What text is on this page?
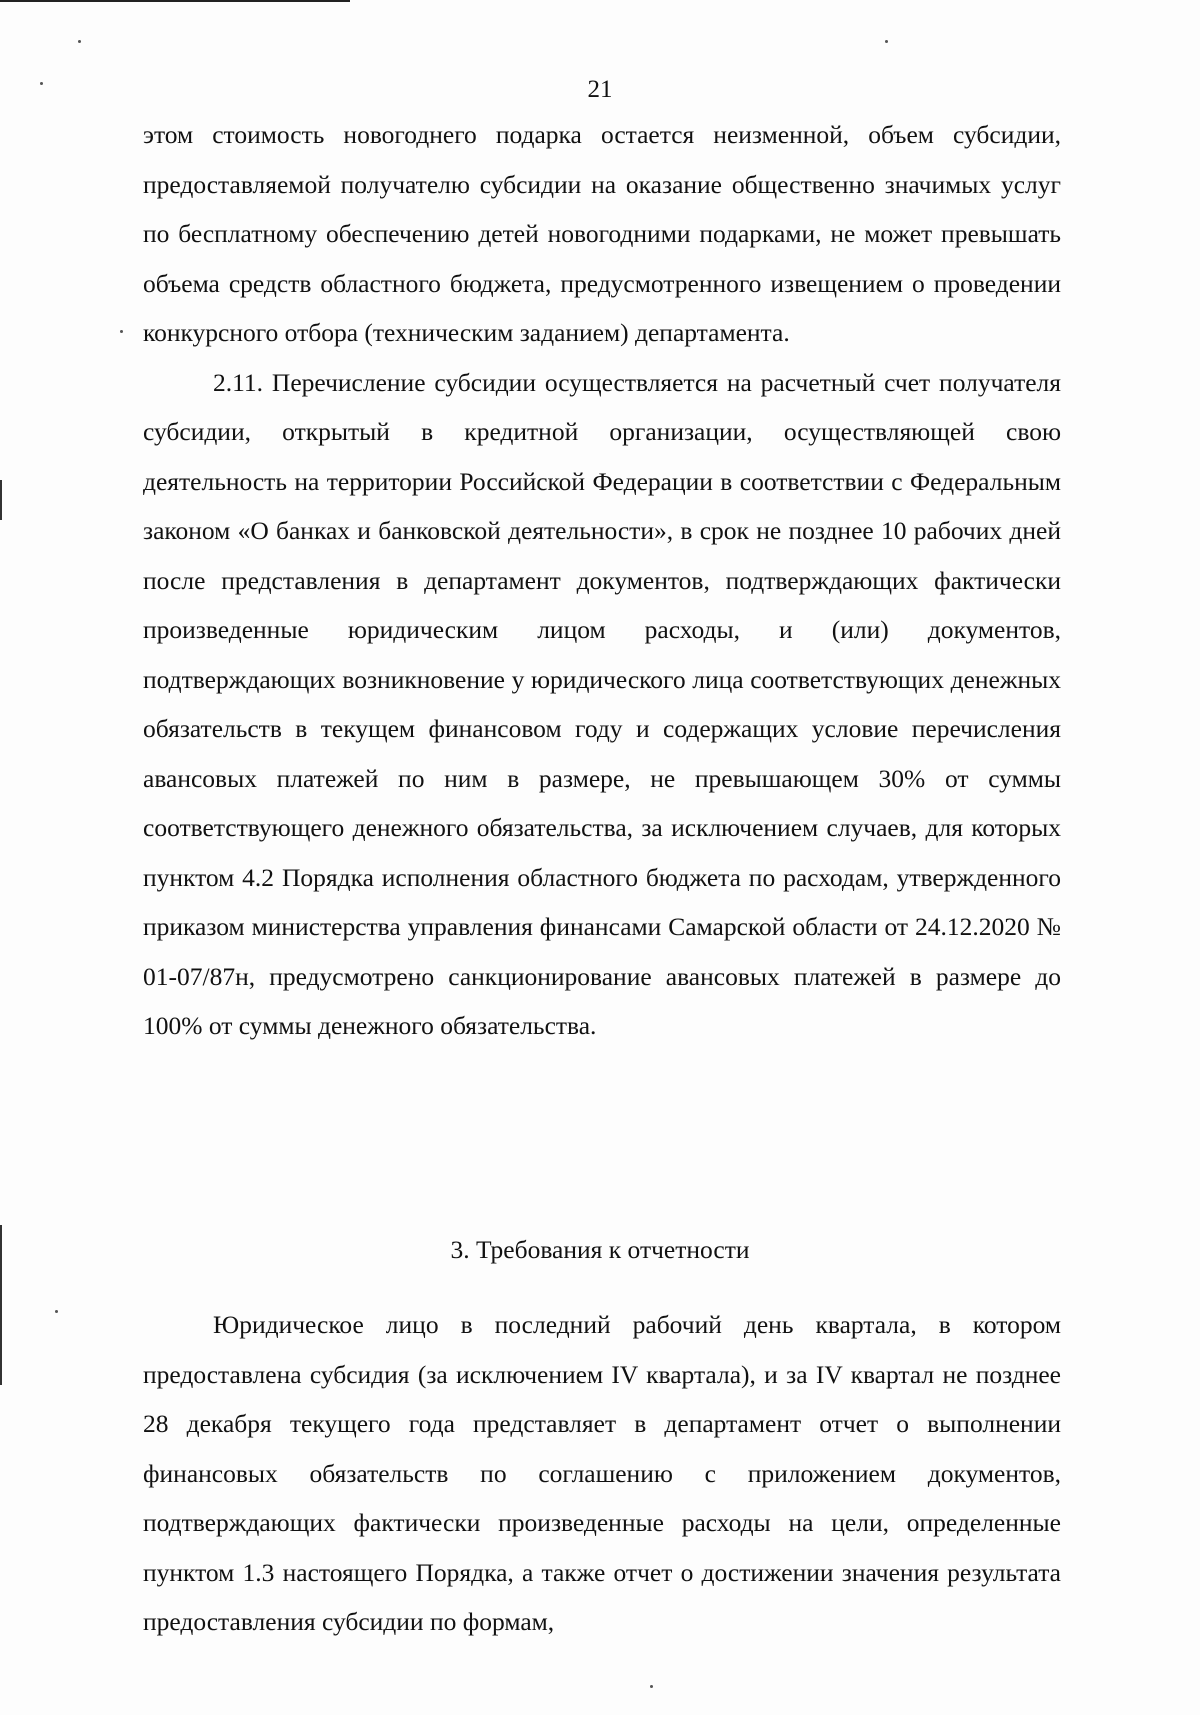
21

этом стоимость новогоднего подарка остается неизменной, объем субсидии, предоставляемой получателю субсидии на оказание общественно значимых услуг по бесплатному обеспечению детей новогодними подарками, не может превышать объема средств областного бюджета, предусмотренного извещением о проведении конкурсного отбора (техническим заданием) департамента.

2.11. Перечисление субсидии осуществляется на расчетный счет получателя субсидии, открытый в кредитной организации, осуществляющей свою деятельность на территории Российской Федерации в соответствии с Федеральным законом «О банках и банковской деятельности», в срок не позднее 10 рабочих дней после представления в департамент документов, подтверждающих фактически произведенные юридическим лицом расходы, и (или) документов, подтверждающих возникновение у юридического лица соответствующих денежных обязательств в текущем финансовом году и содержащих условие перечисления авансовых платежей по ним в размере, не превышающем 30% от суммы соответствующего денежного обязательства, за исключением случаев, для которых пунктом 4.2 Порядка исполнения областного бюджета по расходам, утвержденного приказом министерства управления финансами Самарской области от 24.12.2020 № 01-07/87н, предусмотрено санкционирование авансовых платежей в размере до 100% от суммы денежного обязательства.

3. Требования к отчетности

Юридическое лицо в последний рабочий день квартала, в котором предоставлена субсидия (за исключением IV квартала), и за IV квартал не позднее 28 декабря текущего года представляет в департамент отчет о выполнении финансовых обязательств по соглашению с приложением документов, подтверждающих фактически произведенные расходы на цели, определенные пунктом 1.3 настоящего Порядка, а также отчет о достижении значения результата предоставления субсидии по формам,
